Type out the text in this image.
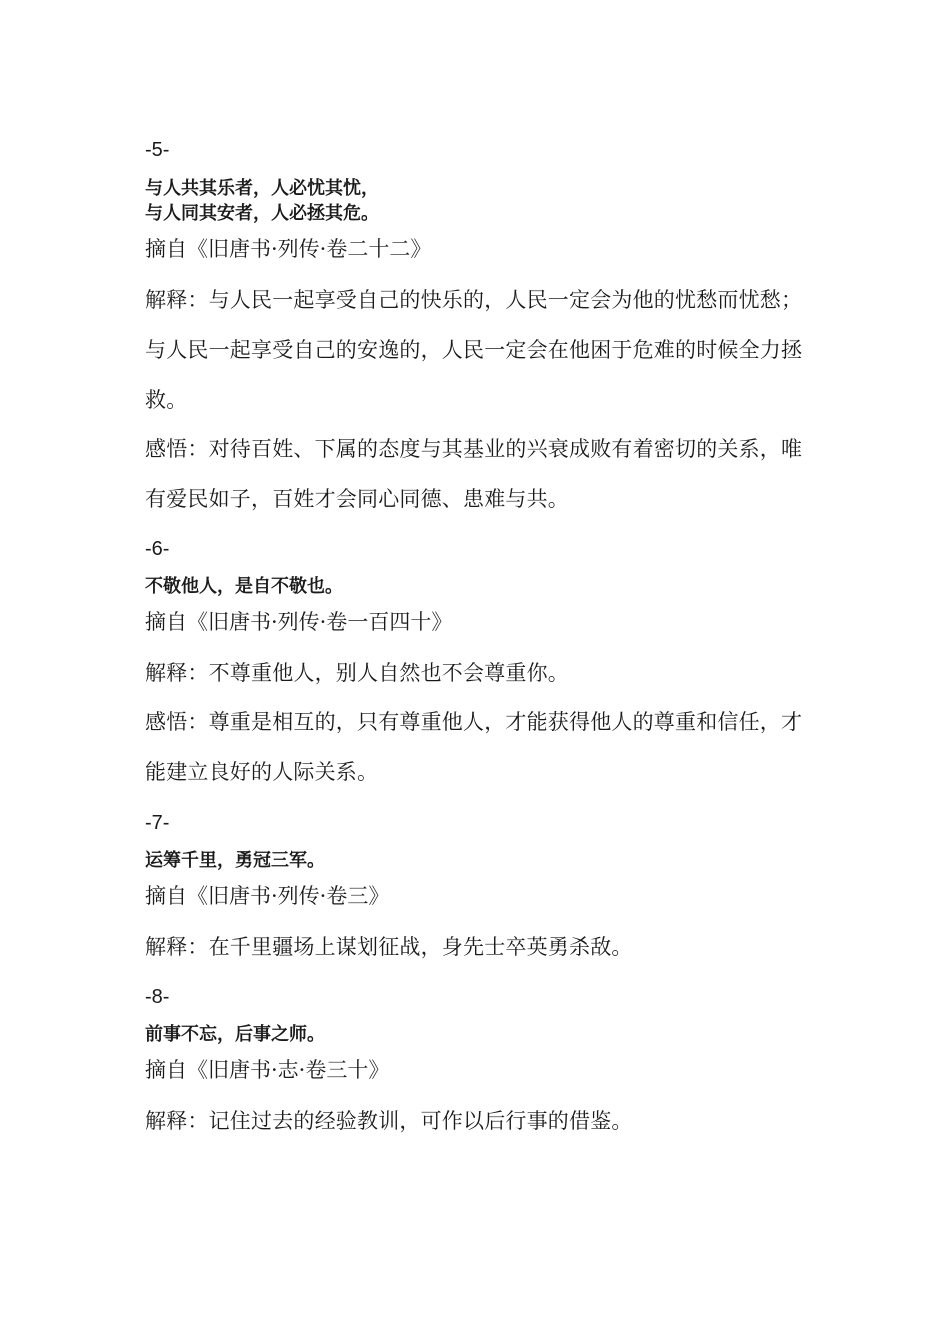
-5-
与人共其乐者，人必忧其忧，
与人同其安者，人必拯其危。
摘自《旧唐书·列传·卷二十二》
解释：与人民一起享受自己的快乐的，人民一定会为他的忧愁而忧愁；与人民一起享受自己的安逸的，人民一定会在他困于危难的时候全力拯救。
感悟：对待百姓、下属的态度与其基业的兴衰成败有着密切的关系，唯有爱民如子，百姓才会同心同德、患难与共。
-6-
不敬他人，是自不敬也。
摘自《旧唐书·列传·卷一百四十》
解释：不尊重他人，别人自然也不会尊重你。
感悟：尊重是相互的，只有尊重他人，才能获得他人的尊重和信任，才能建立良好的人际关系。
-7-
运筹千里，勇冠三军。
摘自《旧唐书·列传·卷三》
解释：在千里疆场上谋划征战，身先士卒英勇杀敌。
-8-
前事不忘，后事之师。
摘自《旧唐书·志·卷三十》
解释：记住过去的经验教训，可作以后行事的借鉴。
